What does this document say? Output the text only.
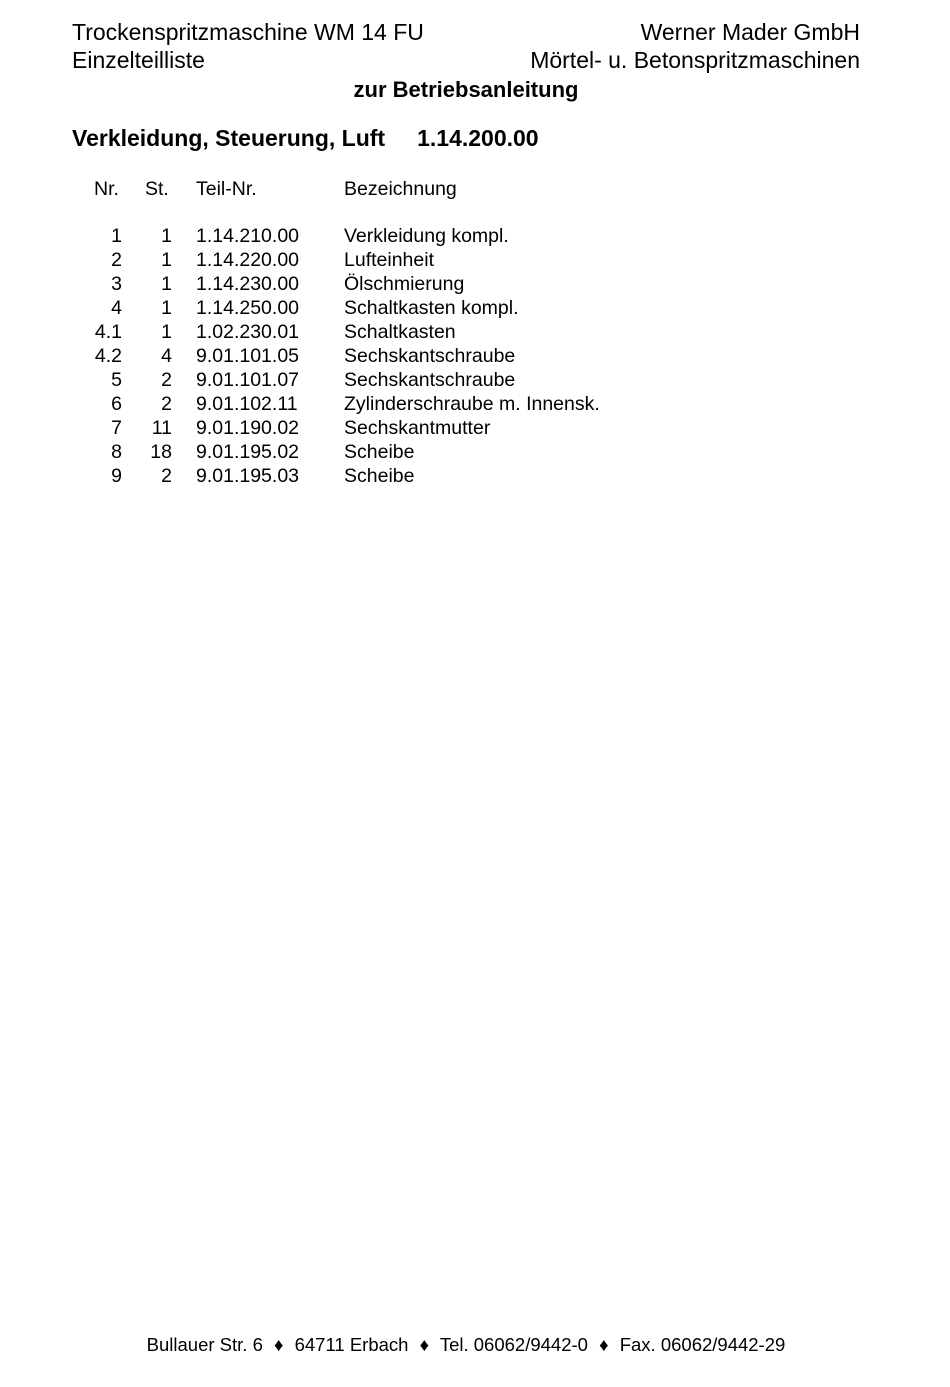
Trockenspritzmaschine WM 14 FU
Einzelteilliste
Werner Mader GmbH
Mörtel- u. Betonspritzmaschinen
zur Betriebsanleitung
Verkleidung, Steuerung, Luft 1.14.200.00
Nr.	St.	Teil-Nr.	Bezeichnung

1	1	1.14.210.00	Verkleidung kompl.
2	1	1.14.220.00	Lufteinheit
3	1	1.14.230.00	Ölschmierung
4	1	1.14.250.00	Schaltkasten kompl.
4.1	1	1.02.230.01	Schaltkasten
4.2	4	9.01.101.05	Sechskantschraube
5	2	9.01.101.07	Sechskantschraube
6	2	9.01.102.11	Zylinderschraube m. Innensk.
7	11	9.01.190.02	Sechskantmutter
8	18	9.01.195.02	Scheibe
9	2	9.01.195.03	Scheibe
Bullauer Str. 6 ♦ 64711 Erbach ♦ Tel. 06062/9442-0 ♦ Fax. 06062/9442-29
